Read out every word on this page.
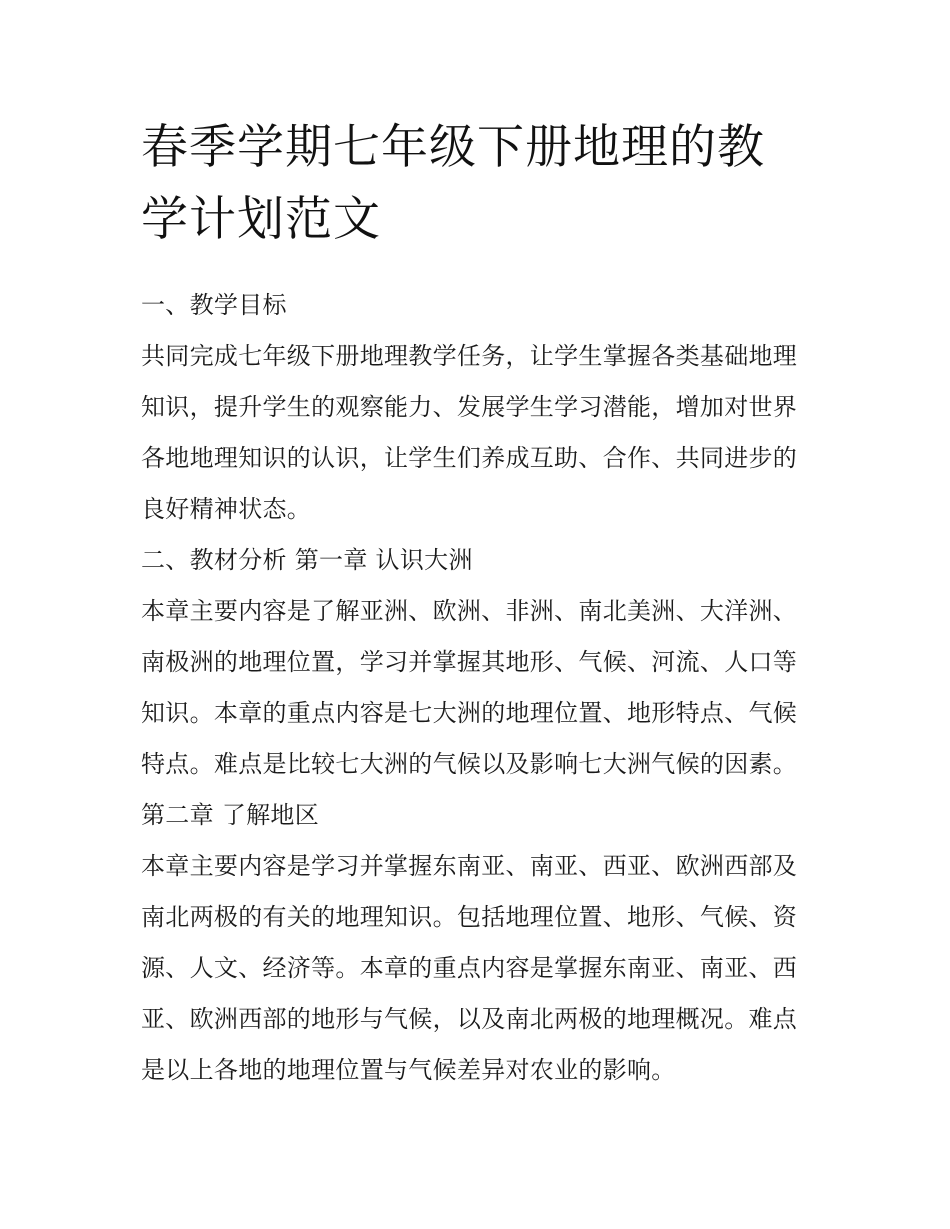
春季学期七年级下册地理的教
学计划范文
一、教学目标
共同完成七年级下册地理教学任务，让学生掌握各类基础地理
知识，提升学生的观察能力、发展学生学习潜能，增加对世界
各地地理知识的认识，让学生们养成互助、合作、共同进步的
良好精神状态。
二、教材分析 第一章 认识大洲
本章主要内容是了解亚洲、欧洲、非洲、南北美洲、大洋洲、
南极洲的地理位置，学习并掌握其地形、气候、河流、人口等
知识。本章的重点内容是七大洲的地理位置、地形特点、气候
特点。难点是比较七大洲的气候以及影响七大洲气候的因素。
第二章 了解地区
本章主要内容是学习并掌握东南亚、南亚、西亚、欧洲西部及
南北两极的有关的地理知识。包括地理位置、地形、气候、资
源、人文、经济等。本章的重点内容是掌握东南亚、南亚、西
亚、欧洲西部的地形与气候，以及南北两极的地理概况。难点
是以上各地的地理位置与气候差异对农业的影响。
